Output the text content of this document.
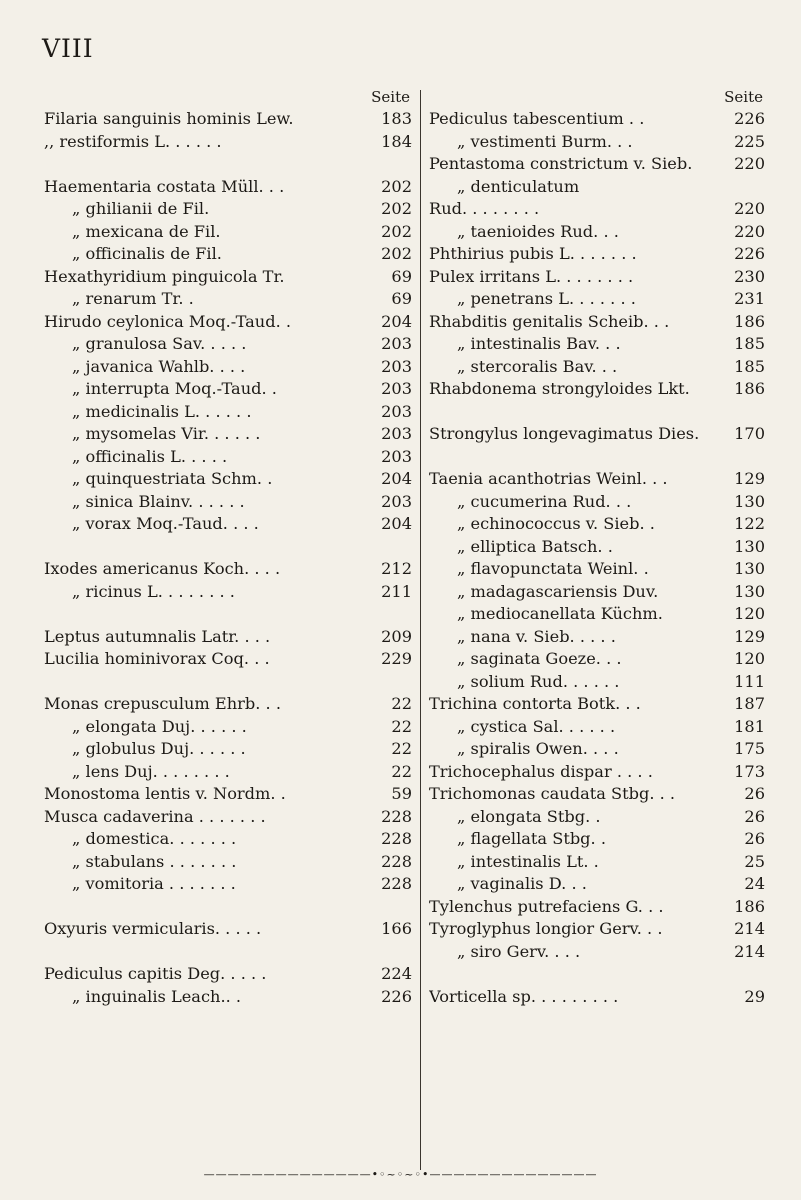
VIII
Seite
Filaria sanguinis hominis Lew.	183
,, restiformis L. . . . . .	184
Haementaria costata Müll. . .	202
„ ghilianii de Fil.	202
„ mexicana de Fil.	202
„ officinalis de Fil.	202
Hexathyridium pinguicola Tr.	69
„ renarum Tr. .	69
Hirudo ceylonica Moq.-Taud. .	204
„ granulosa Sav. . . . .	203
„ javanica Wahlb. . . .	203
„ interrupta Moq.-Taud. .	203
„ medicinalis L. . . . . .	203
„ mysomelas Vir. . . . . .	203
„ officinalis L. . . . .	203
„ quinquestriata Schm. .	204
„ sinica Blainv. . . . . .	203
„ vorax Moq.-Taud. . . .	204
Ixodes americanus Koch. . . .	212
„ ricinus L. . . . . . . .	211
Leptus autumnalis Latr. . . .	209
Lucilia hominivorax Coq. . .	229
Monas crepusculum Ehrb. . .	22
„ elongata Duj. . . . . .	22
„ globulus Duj. . . . . .	22
„ lens Duj. . . . . . . .	22
Monostoma lentis v. Nordm. .	59
Musca cadaverina . . . . . . .	228
„ domestica. . . . . . .	228
„ stabulans . . . . . . .	228
„ vomitoria . . . . . . .	228
Oxyuris vermicularis. . . . .	166
Pediculus capitis Deg. . . . .	224
„ inguinalis Leach.. .	226
Seite
Pediculus tabescentium . .	226
„ vestimenti Burm. . .	225
Pentastoma constrictum v. Sieb.	220
„ denticulatum
Rud. . . . . . . .	220
„ taenioides Rud. . .	220
Phthirius pubis L. . . . . . .	226
Pulex irritans L. . . . . . . .	230
„ penetrans L. . . . . . .	231
Rhabditis genitalis Scheib. . .	186
„ intestinalis Bav. . .	185
„ stercoralis Bav. . .	185
Rhabdonema strongyloides Lkt.	186
Strongylus longevagimatus Dies.	170
Taenia acanthotrias Weinl. . .	129
„ cucumerina Rud. . .	130
„ echinococcus v. Sieb. .	122
„ elliptica Batsch. .	130
„ flavopunctata Weinl. .	130
„ madagascariensis Duv.	130
„ mediocanellata Küchm.	120
„ nana v. Sieb. . . . .	129
„ saginata Goeze. . .	120
„ solium Rud. . . . . .	111
Trichina contorta Botk. . .	187
„ cystica Sal. . . . . .	181
„ spiralis Owen. . . .	175
Trichocephalus dispar . . . .	173
Trichomonas caudata Stbg. . .	26
„ elongata Stbg. .	26
„ flagellata Stbg. .	26
„ intestinalis Lt. .	25
„ vaginalis D. . .	24
Tylenchus putrefaciens G. . .	186
Tyroglyphus longior Gerv. . .	214
„ siro Gerv. . . .	214
Vorticella sp. . . . . . . . .	29
——————————————•◦~◦~◦•——————————————
